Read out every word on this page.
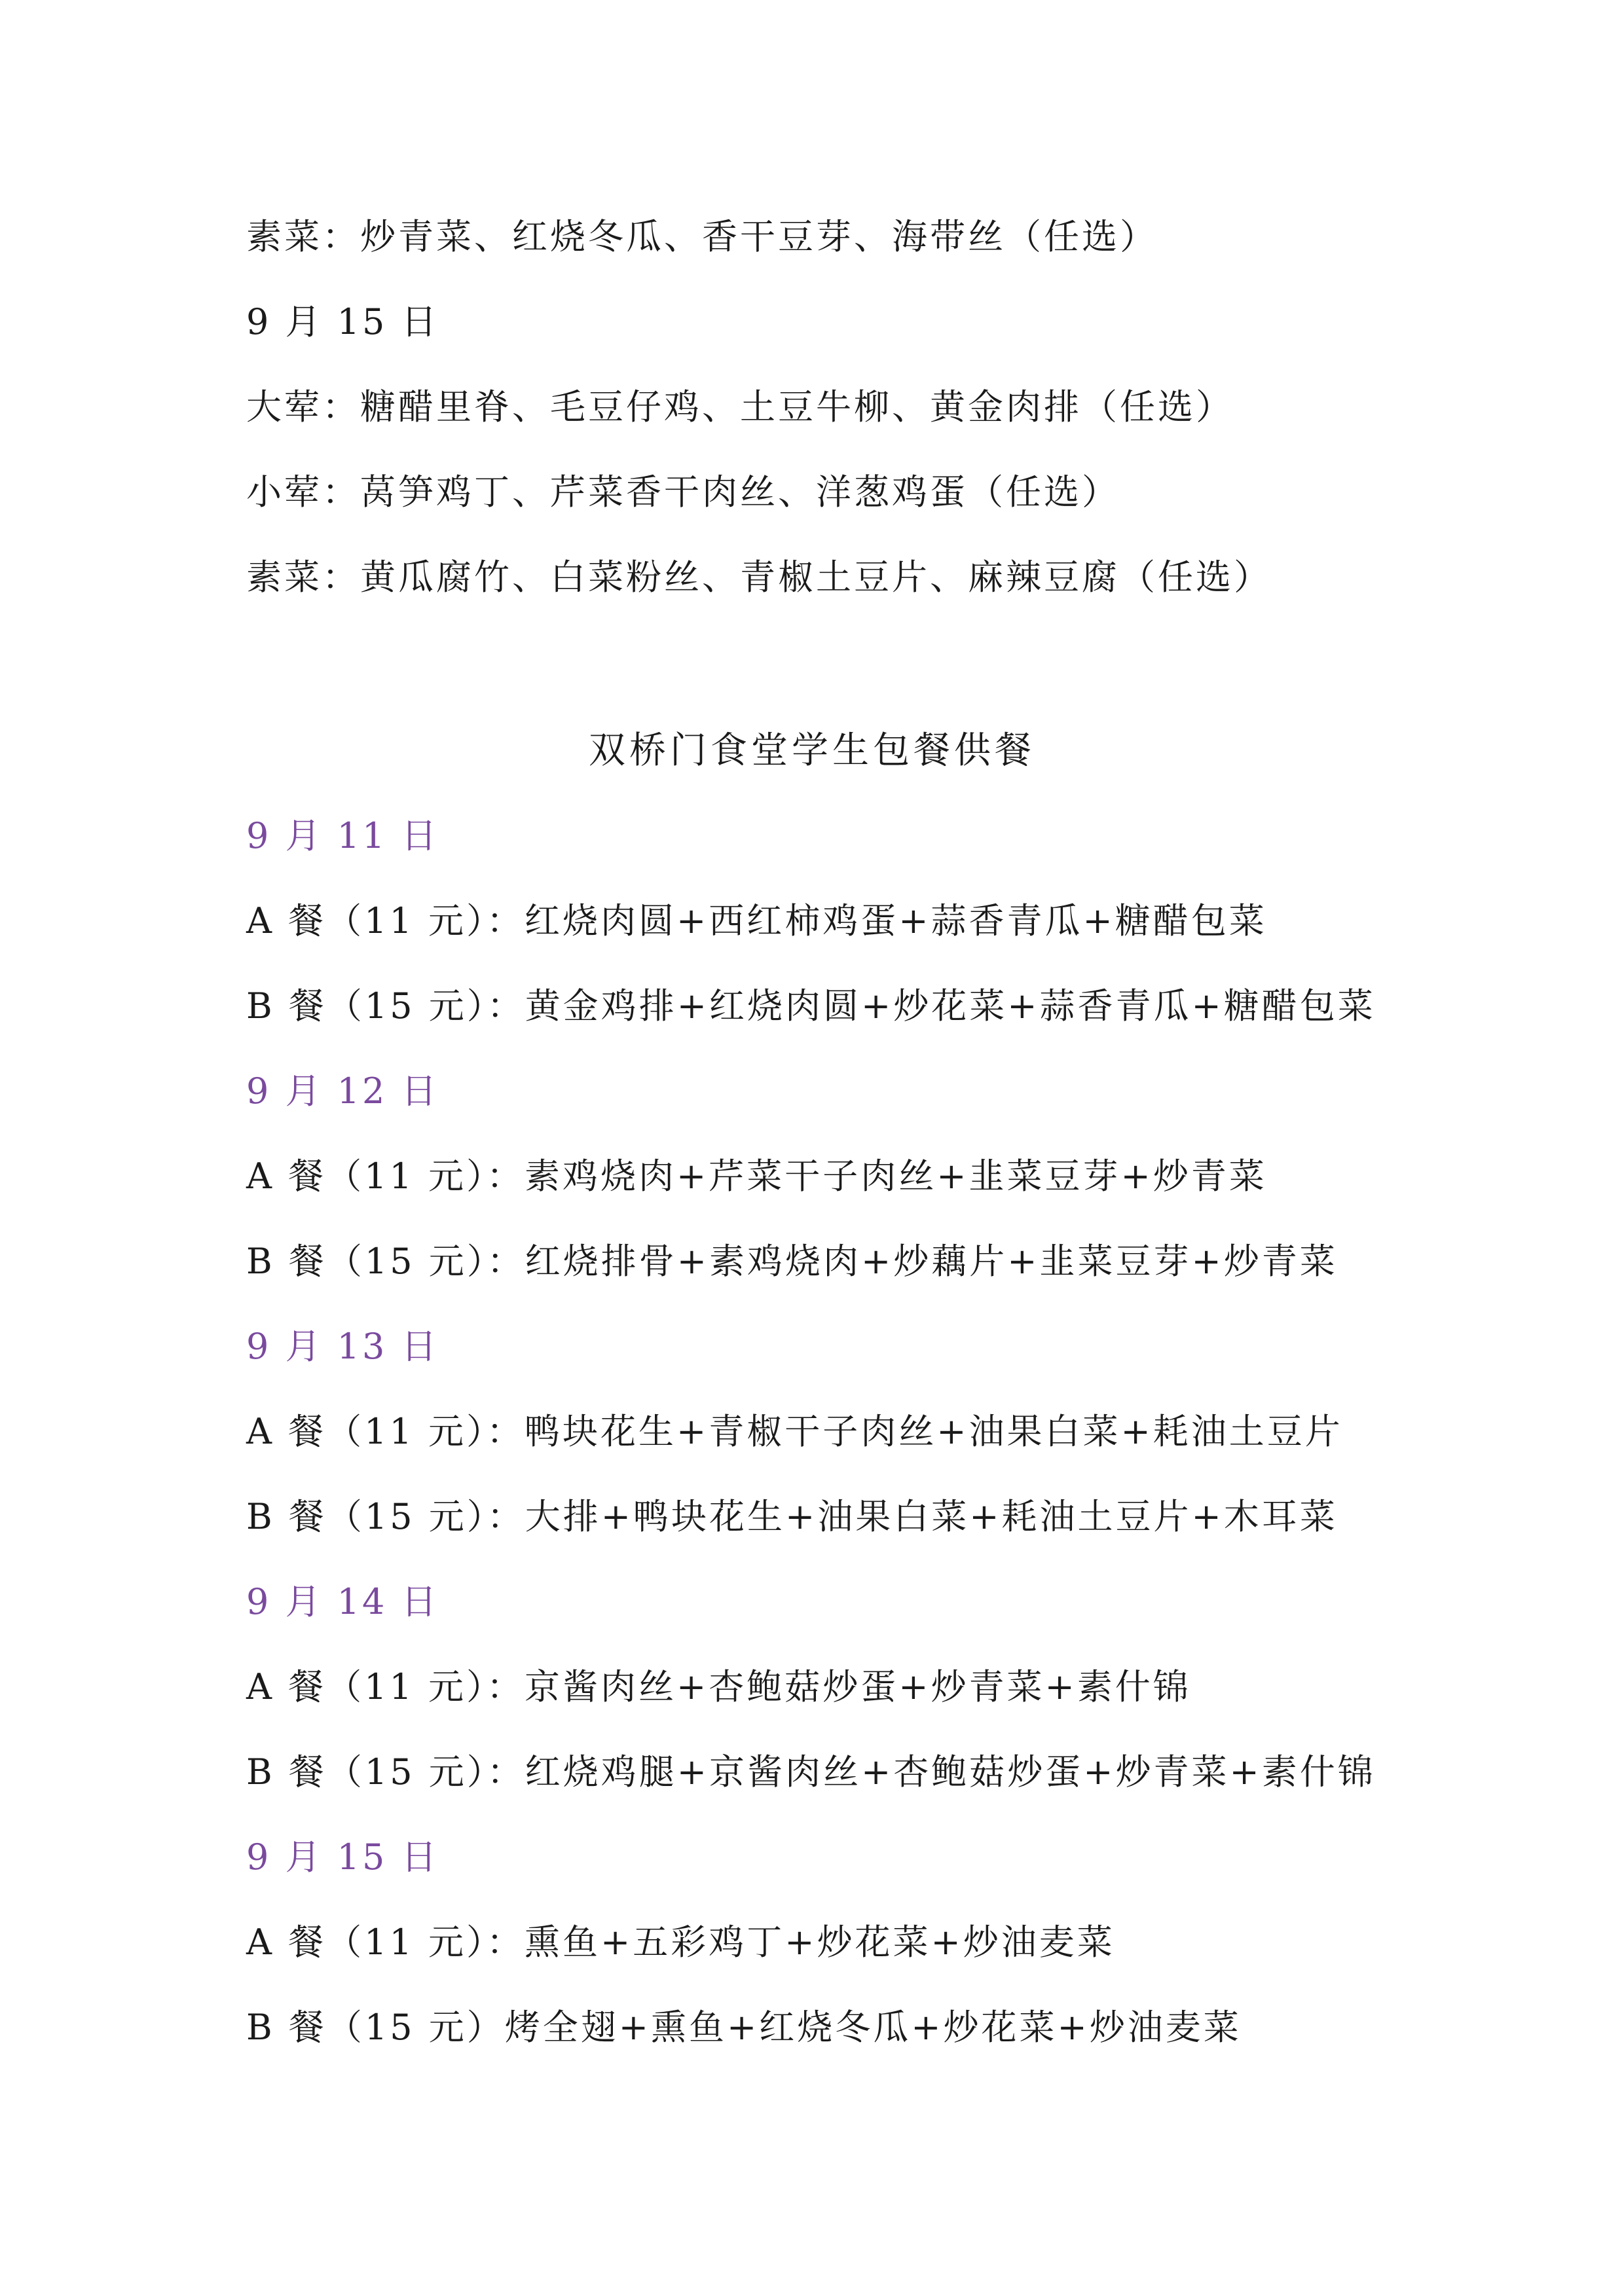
素菜：炒青菜、红烧冬瓜、香干豆芽、海带丝（任选）
9 月 15 日
大荤：糖醋里脊、毛豆仔鸡、土豆牛柳、黄金肉排（任选）
小荤：莴笋鸡丁、芹菜香干肉丝、洋葱鸡蛋（任选）
素菜：黄瓜腐竹、白菜粉丝、青椒土豆片、麻辣豆腐（任选）
双桥门食堂学生包餐供餐
9 月 11 日
A 餐（11 元）：红烧肉圆+西红柿鸡蛋+蒜香青瓜+糖醋包菜
B 餐（15 元）：黄金鸡排+红烧肉圆+炒花菜+蒜香青瓜+糖醋包菜
9 月 12 日
A 餐（11 元）：素鸡烧肉+芹菜干子肉丝+韭菜豆芽+炒青菜
B 餐（15 元）：红烧排骨+素鸡烧肉+炒藕片+韭菜豆芽+炒青菜
9 月 13 日
A 餐（11 元）：鸭块花生+青椒干子肉丝+油果白菜+耗油土豆片
B 餐（15 元）：大排+鸭块花生+油果白菜+耗油土豆片+木耳菜
9 月 14 日
A 餐（11 元）：京酱肉丝+杏鲍菇炒蛋+炒青菜+素什锦
B 餐（15 元）：红烧鸡腿+京酱肉丝+杏鲍菇炒蛋+炒青菜+素什锦
9 月 15 日
A 餐（11 元）：熏鱼+五彩鸡丁+炒花菜+炒油麦菜
B 餐（15 元）烤全翅+熏鱼+红烧冬瓜+炒花菜+炒油麦菜
